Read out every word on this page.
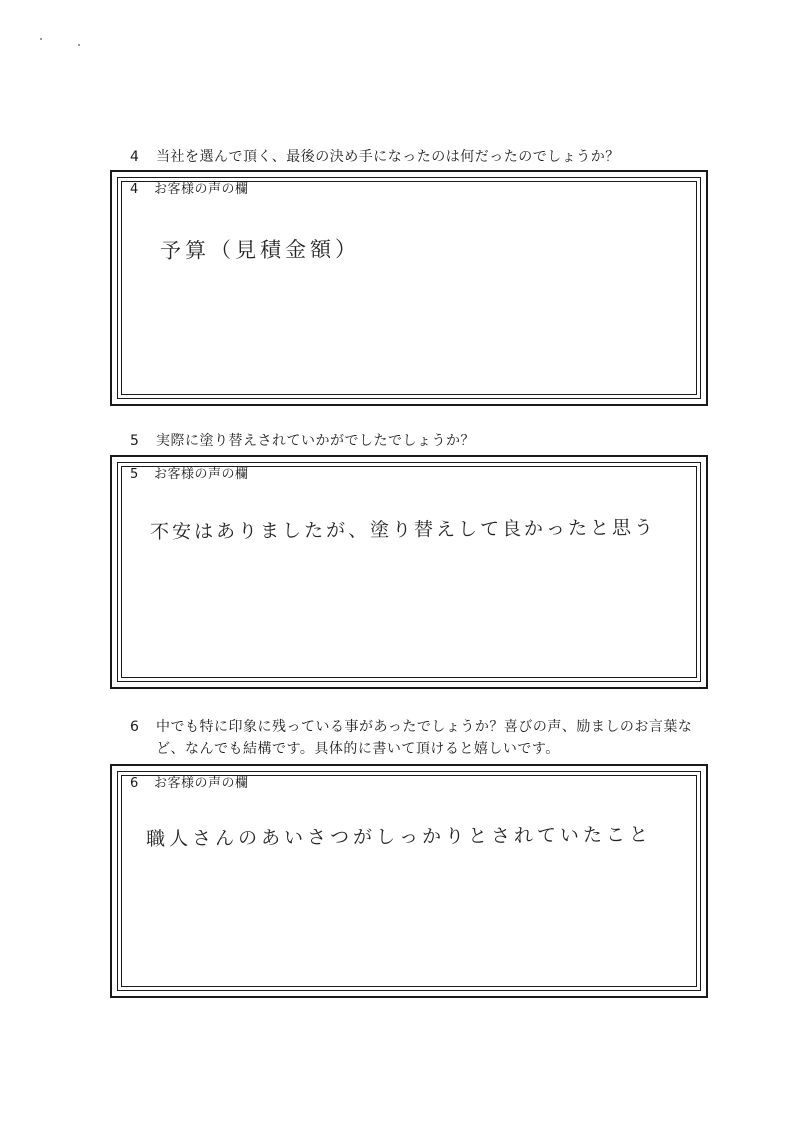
4 当社を選んで頂く、最後の決め手になったのは何だったのでしょうか？
4 お客様の声の欄
予算（見積金額）
5 実際に塗り替えされていかがでしたでしょうか？
5 お客様の声の欄
不安はありましたが、塗り替えして良かったと思う
6 中でも特に印象に残っている事があったでしょうか？喜びの声、励ましのお言葉な
ど、なんでも結構です。具体的に書いて頂けると嬉しいです。
6 お客様の声の欄
職人さんのあいさつがしっかりとされていたこと
